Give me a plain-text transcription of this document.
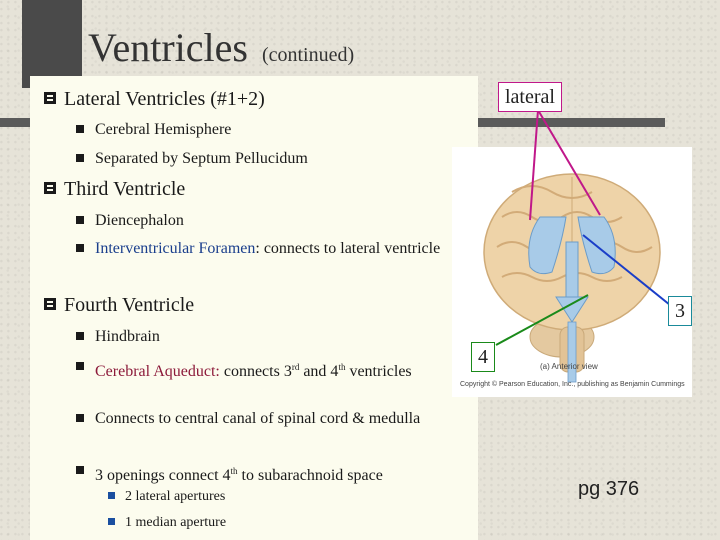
Ventricles (continued)
Lateral Ventricles (#1+2)
Cerebral Hemisphere
Separated by Septum Pellucidum
Third Ventricle
Diencephalon
Interventricular Foramen: connects to lateral ventricle
Fourth Ventricle
Hindbrain
Cerebral Aqueduct: connects 3rd and 4th ventricles
Connects to central canal of spinal cord & medulla
3 openings connect 4th to subarachnoid space
2 lateral apertures
1 median aperture
(a) Anterior view
Copyright © Pearson Education, Inc., publishing as Benjamin Cummings
lateral
3
4
pg 376
